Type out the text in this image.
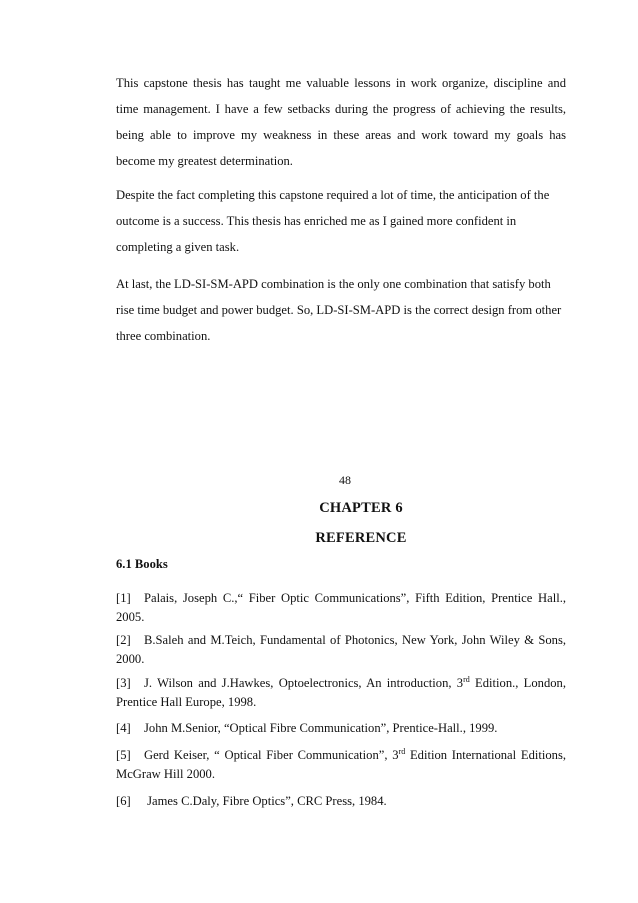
This capstone thesis has taught me valuable lessons in work organize, discipline and time management. I have a few setbacks during the progress of achieving the results, being able to improve my weakness in these areas and work toward my goals has become my greatest determination.

Despite the fact completing this capstone required a lot of time, the anticipation of the outcome is a success. This thesis has enriched me as I gained more confident in completing a given task.

At last, the LD-SI-SM-APD combination is the only one combination that satisfy both rise time budget and power budget. So, LD-SI-SM-APD is the correct design from other three combination.

48
CHAPTER 6
REFERENCE
6.1 Books

[1] Palais, Joseph C.,“ Fiber Optic Communications”, Fifth Edition, Prentice Hall., 2005.

[2] B.Saleh and M.Teich, Fundamental of Photonics, New York, John Wiley & Sons, 2000.

[3] J. Wilson and J.Hawkes, Optoelectronics, An introduction, 3rd Edition., London, Prentice Hall Europe, 1998.

[4] John M.Senior, “Optical Fibre Communication”, Prentice-Hall., 1999.

[5] Gerd Keiser, “ Optical Fiber Communication”, 3rd Edition International Editions, McGraw Hill 2000.

[6] James C.Daly, Fibre Optics”, CRC Press, 1984.
